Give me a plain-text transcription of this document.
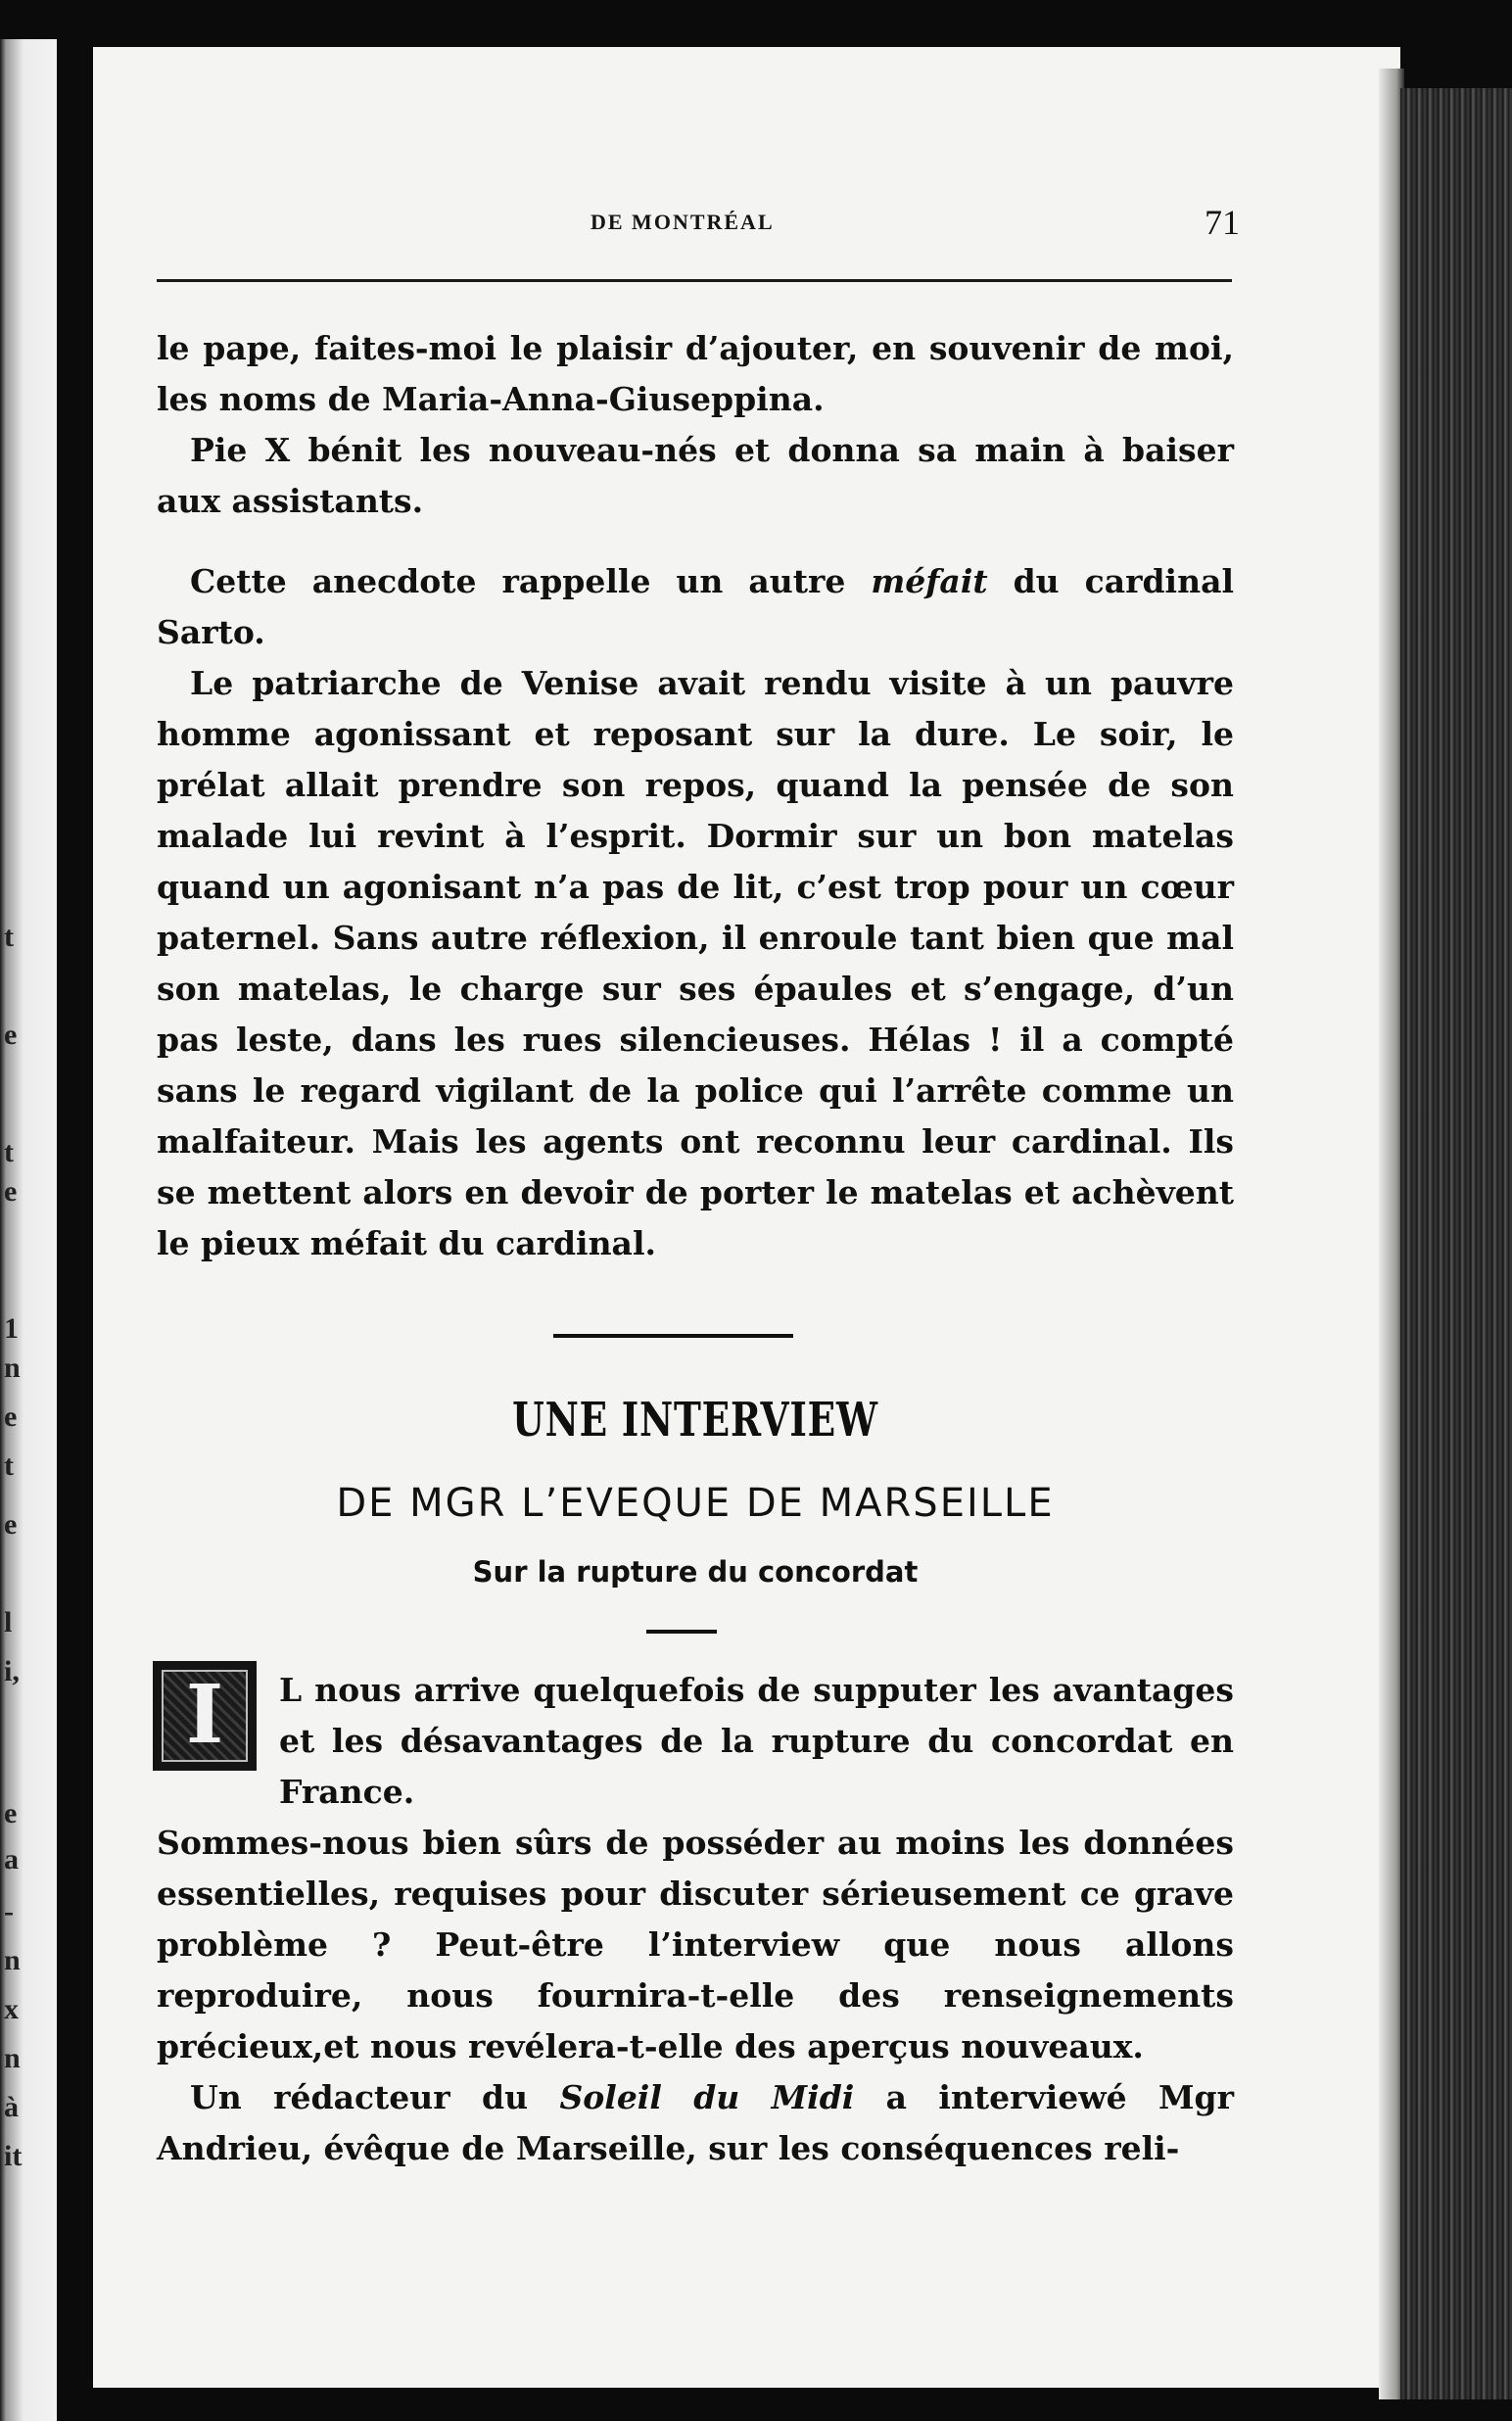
t
e
t
e
1
n
e
t
e
l
i,
e
a
-
n
x
n
à
it
DE MONTRÉAL	71

le pape, faites-moi le plaisir d’ajouter, en souvenir de moi, les noms de Maria-Anna-Giuseppina.

Pie X bénit les nouveau-nés et donna sa main à baiser aux assistants.

Cette anecdote rappelle un autre méfait du cardinal Sarto.

Le patriarche de Venise avait rendu visite à un pauvre homme agonissant et reposant sur la dure. Le soir, le prélat allait prendre son repos, quand la pensée de son malade lui revint à l’esprit. Dormir sur un bon matelas quand un agonisant n’a pas de lit, c’est trop pour un cœur paternel. Sans autre réflexion, il enroule tant bien que mal son matelas, le charge sur ses épaules et s’engage, d’un pas leste, dans les rues silencieuses. Hélas ! il a compté sans le regard vigilant de la police qui l’arrête comme un malfaiteur. Mais les agents ont reconnu leur cardinal. Ils se mettent alors en devoir de porter le matelas et achèvent le pieux méfait du cardinal.

UNE INTERVIEW
DE MGR L’EVEQUE DE MARSEILLE
Sur la rupture du concordat
I	L nous arrive quelquefois de supputer les avantages et les désavantages de la rupture du concordat en France.

Sommes-nous bien sûrs de posséder au moins les données essentielles, requises pour discuter sérieusement ce grave problème ? Peut-être l’interview que nous allons reproduire, nous fournira-t-elle des renseignements précieux,et nous revélera-t-elle des aperçus nouveaux.

Un rédacteur du Soleil du Midi a interviewé Mgr Andrieu, évêque de Marseille, sur les conséquences reli-
